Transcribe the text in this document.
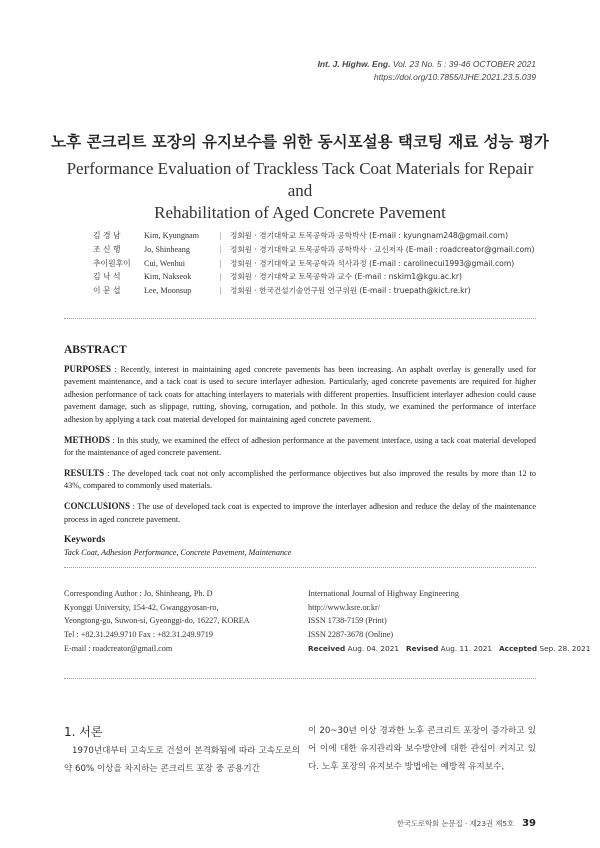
Int. J. Highw. Eng. Vol. 23 No. 5 : 39-46 OCTOBER 2021
https://doi.org/10.7855/IJHE.2021.23.5.039
노후 콘크리트 포장의 유지보수를 위한 동시포설용 택코팅 재료 성능 평가
Performance Evaluation of Trackless Tack Coat Materials for Repair and
Rehabilitation of Aged Concrete Pavement
김 경 남	Kim, Kyungnam	|	정회원 · 경기대학교 토목공학과 공학박사 (E-mail : kyungnam248@gmail.com)
조 신 행	Jo, Shinheang	|	정회원 · 경기대학교 토목공학과 공학박사 · 교신저자 (E-mail : roadcreator@gmail.com)
추이원후이	Cui, Wenhui	|	정회원 · 경기대학교 토목공학과 석사과정 (E-mail : carolinecui1993@gmail.com)
김 낙 석	Kim, Nakseok	|	정회원 · 경기대학교 토목공학과 교수 (E-mail : nskim1@kgu.ac.kr)
이 문 섭	Lee, Moonsup	|	정회원 · 한국건설기술연구원 연구위원 (E-mail : truepath@kict.re.kr)
ABSTRACT

PURPOSES : Recently, interest in maintaining aged concrete pavements has been increasing. An asphalt overlay is generally used for pavement maintenance, and a tack coat is used to secure interlayer adhesion. Particularly, aged concrete pavements are required for higher adhesion performance of tack coats for attaching interlayers to materials with different properties. Insufficient interlayer adhesion could cause pavement damage, such as slippage, rutting, shoving, corrugation, and pothole. In this study, we examined the performance of interface adhesion by applying a tack coat material developed for maintaining aged concrete pavement.

METHODS : In this study, we examined the effect of adhesion performance at the pavement interface, using a tack coat material developed for the maintenance of aged concrete pavement.

RESULTS : The developed tack coat not only accomplished the performance objectives but also improved the results by more than 12 to 43%, compared to commonly used materials.

CONCLUSIONS : The use of developed tack coat is expected to improve the interlayer adhesion and reduce the delay of the maintenance process in aged concrete pavement.

Keywords
Tack Coat, Adhesion Performance, Concrete Pavement, Maintenance
Corresponding Author : Jo, Shinheang, Ph. D
Kyonggi University, 154-42, Gwanggyosan-ro,
Yeongtong-gu, Suwon-si, Gyeonggi-do, 16227, KOREA
Tel : +82.31.249.9710 Fax : +82.31.249.9719
E-mail : roadcreator@gmail.com
International Journal of Highway Engineering
http://www.ksre.or.kr/
ISSN 1738-7159 (Print)
ISSN 2287-3678 (Online)
Received Aug. 04. 2021 Revised Aug. 11. 2021 Accepted Sep. 28. 2021
1. 서론
1970년대부터 고속도로 건설이 본격화됨에 따라 고속도로의 약 60% 이상을 차지하는 콘크리트 포장 중 공용기간
이 20~30년 이상 경과한 노후 콘크리트 포장이 증가하고 있어 이에 대한 유지관리와 보수방안에 대한 관심이 커지고 있다. 노후 포장의 유지보수 방법에는 예방적 유지보수,
한국도로학회 논문집 · 제23권 제5호 39
